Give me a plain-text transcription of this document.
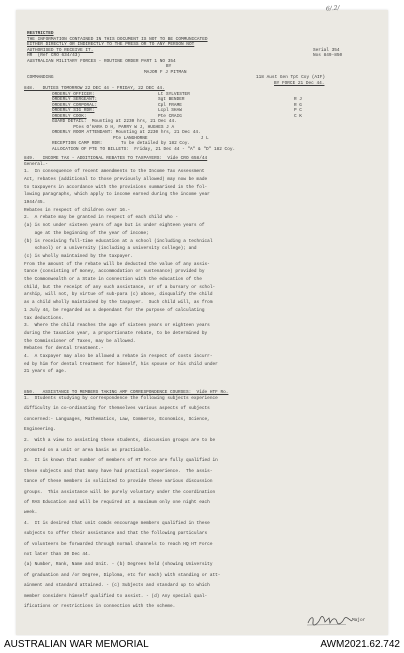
RESTRICTED
THE INFORMATION CONTAINED IN THIS DOCUMENT IS NOT TO BE COMMUNICATED
EITHER DIRECTLY OR INDIRECTLY TO THE PRESS OR TO ANY PERSON NOT
AUTHORISED TO RECEIVE IT.	Serial 354
HR  (Ref CRO 634/43)	Nos 849-850
AUSTRALIAN MILITARY FORCES - ROUTINE ORDER PART 1 NO 354
BY
MAJOR F J PITMAN
COMMANDING	118 Aust Gen Tpt Coy (AIF)
BY FORCE 21 Dec 44.
848.   DUTIES TOMORROW 22 DEC 44 - FRIDAY, 22 DEC 44.
ORDERLY OFFICER:	Lt SYLVESTER
ORDERLY SERGEANT:	Sgt BENDER	R J
ORDERLY CORPORAL:	Cpl FRAME	R G
ORDERLY SIG RDR:	Lcpl SHAW	P C
ORDERLY COOK:	Pte CRAIG	C K
GUARD DETAIL:  Mounting at 2230 hrs, 21 Dec 44.
Ptes O'HARA D H, PARRY W J, HUGHES J A
ORDERLY ROOM ATTENDANT: Mounting at 2230 hrs, 21 Dec 44.
Pte LANGHORNE                    J L
RECEPTION CAMP RDR:       To be detailed by 182 Coy.
ALLOCATION OF PTE TO BILLETS:  Friday, 21 Dec 44 - "A" & "D" 182 Coy.
849.   INCOME TAX - ADDITIONAL REBATES TO TAXPAYERS:  Vide CRO 658/44
General.-
1.  In consequence of recent amendments to the Income Tax Assessment
Act, rebates (additional to those previously allowed) may now be made
to taxpayers in accordance with the provisions summarised in the fol-
lowing paragraphs, which apply to income earned during the income year
1944/45.
Rebates in respect of children over 16.-
2.  A rebate may be granted in respect of each child who -
(a) is not under sixteen years of age but is under eighteen years of
age at the beginning of the year of income;
(b) is receiving full-time education at a school (including a technical
school) or a university (including a university college); and
(c) is wholly maintained by the taxpayer.
From the amount of the rebate will be deducted the value of any assis-
tance (consisting of money, accommodation or sustenance) provided by
the Commonwealth or a State in connection with the education of the
child, but the receipt of any such assistance, or of a bursary or schol-
arship, will not, by virtue of sub-para (c) above, disqualify the child
as a child wholly maintained by the taxpayer.  Such child will, as from
1 July 44, be regarded as a dependant for the purpose of calculating
tax deductions.
3.  Where the child reaches the age of sixteen years or eighteen years
during the taxation year, a proportionate rebate, to be determined by
the Commissioner of Taxes, may be allowed.
Rebates for dental treatment.-
4.  A taxpayer may also be allowed a rebate in respect of costs incurr-
ed by him for dental treatment for himself, his spouse or his child under
21 years of age.
850.   ASSISTANCE TO MEMBERS TAKING AMF CORRESPONDENCE COURSES:  Vide HTF Ro.
1.  Students studying by correspondence the following subjects experience
difficulty in co-ordinating for themselves various aspects of subjects
concerned:- Languages, Mathematics, Law, Commerce, Economics, Science,
Engineering.
2.  With a view to assisting these students, discussion groups are to be
promoted on a unit or area basis as practicable.
3.  It is known that number of members of HT Force are fully qualified in
these subjects and that many have had practical experience.  The assis-
tance of these members is solicited to provide these various discussion
groups.  This assistance will be purely voluntary under the coordination
of RAS Education and will be required at a maximum only one night each
week.
4.  It is desired that unit comds encourage members qualified in these
subjects to offer their assistance and that the following particulars
of volunteers be forwarded through normal channels to reach HQ HT Force
not later than 30 Dec 44.
(a) Number, Rank, Name and Unit. - (b) Degrees held (showing University
of graduation and /or Degree, Diploma, etc for each) with standing or att-
ainment and standard attained. - (c) Subjects and standard up to which
member considers himself qualified to assist. - (d) Any special qual-
ifications or restrictions in connection with the scheme.
Major
6/.2/
AUSTRALIAN WAR MEMORIAL	AWM2021.62.742
